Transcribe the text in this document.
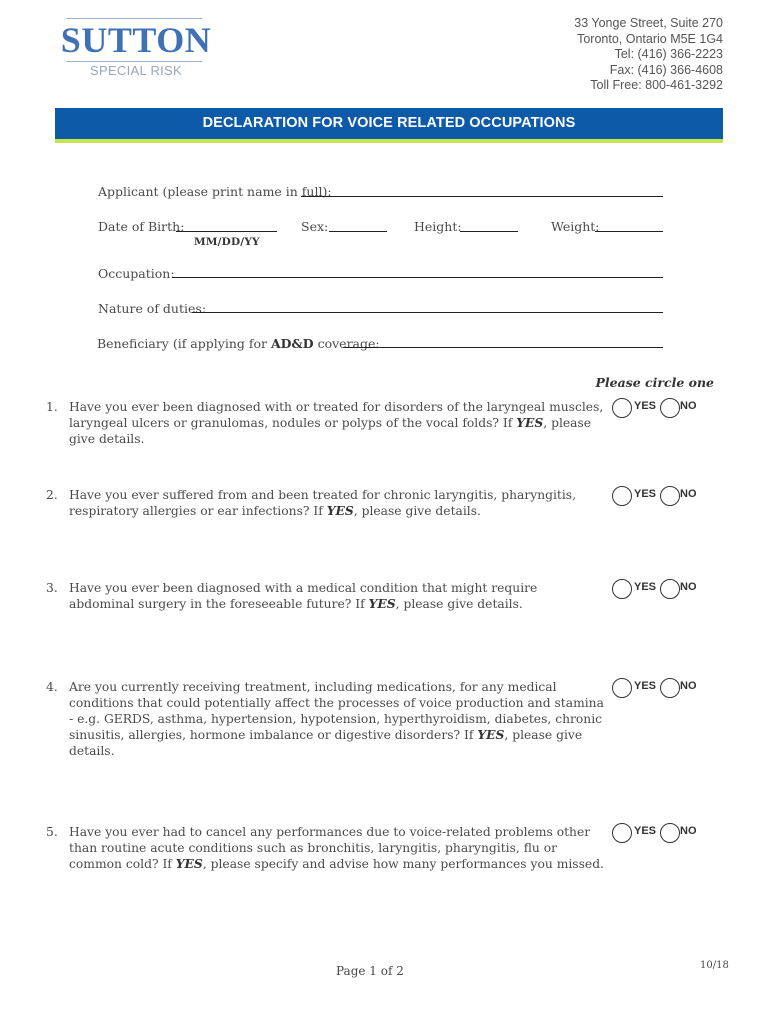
SUTTON
SPECIAL RISK
33 Yonge Street, Suite 270
Toronto, Ontario M5E 1G4
Tel: (416) 366-2223
Fax: (416) 366-4608
Toll Free: 800-461-3292
DECLARATION FOR VOICE RELATED OCCUPATIONS
Applicant (please print name in full):
Date of Birth:
MM/DD/YY
Sex:	Height:	Weight:
Occupation:
Nature of duties:
Beneficiary (if applying for AD&D coverage:
Please circle one
1. Have you ever been diagnosed with or treated for disorders of the laryngeal muscles, laryngeal ulcers or granulomas, nodules or polyps of the vocal folds? If YES, please give details.
YES NO
2. Have you ever suffered from and been treated for chronic laryngitis, pharyngitis, respiratory allergies or ear infections? If YES, please give details.
YES NO
3. Have you ever been diagnosed with a medical condition that might require abdominal surgery in the foreseeable future? If YES, please give details.
YES NO
4. Are you currently receiving treatment, including medications, for any medical conditions that could potentially affect the processes of voice production and stamina - e.g. GERDS, asthma, hypertension, hypotension, hyperthyroidism, diabetes, chronic sinusitis, allergies, hormone imbalance or digestive disorders? If YES, please give details.
YES NO
5. Have you ever had to cancel any performances due to voice-related problems other than routine acute conditions such as bronchitis, laryngitis, pharyngitis, flu or common cold? If YES, please specify and advise how many performances you missed.
YES NO
Page 1 of 2	10/18
